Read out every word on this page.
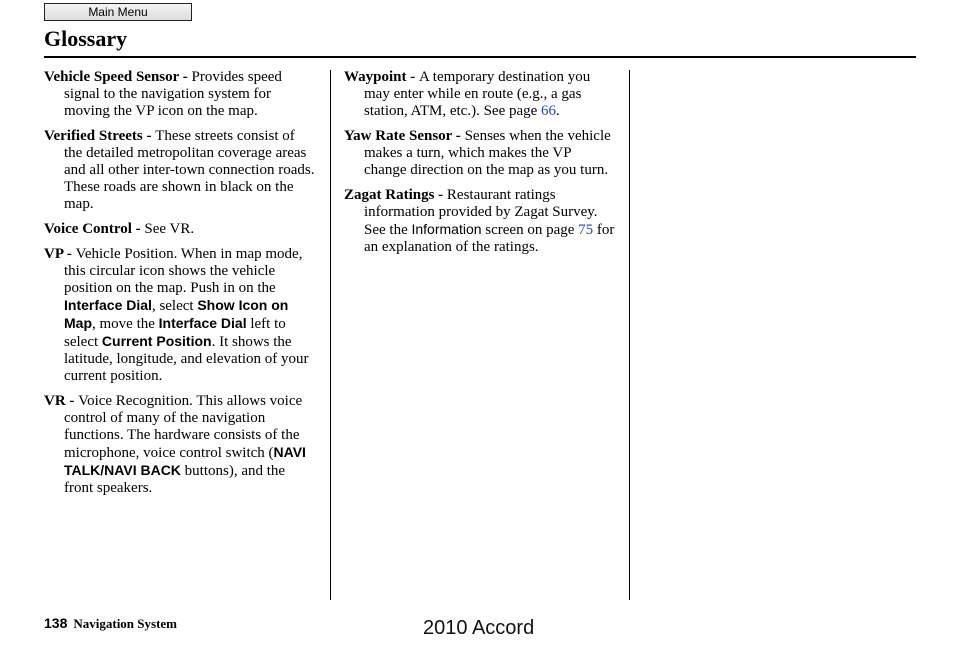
Main Menu
Glossary

Vehicle Speed Sensor - Provides speed signal to the navigation system for moving the VP icon on the map.

Verified Streets - These streets consist of the detailed metropolitan coverage areas and all other inter-town connection roads. These roads are shown in black on the map.

Voice Control - See VR.

VP - Vehicle Position. When in map mode, this circular icon shows the vehicle position on the map. Push in on the Interface Dial, select Show Icon on Map, move the Interface Dial left to select Current Position. It shows the latitude, longitude, and elevation of your current position.

VR - Voice Recognition. This allows voice control of many of the navigation functions. The hardware consists of the microphone, voice control switch (NAVI TALK/NAVI BACK buttons), and the front speakers.

Waypoint - A temporary destination you may enter while en route (e.g., a gas station, ATM, etc.). See page 66.

Yaw Rate Sensor - Senses when the vehicle makes a turn, which makes the VP change direction on the map as you turn.

Zagat Ratings - Restaurant ratings information provided by Zagat Survey. See the Information screen on page 75 for an explanation of the ratings.

138 Navigation System	2010 Accord
